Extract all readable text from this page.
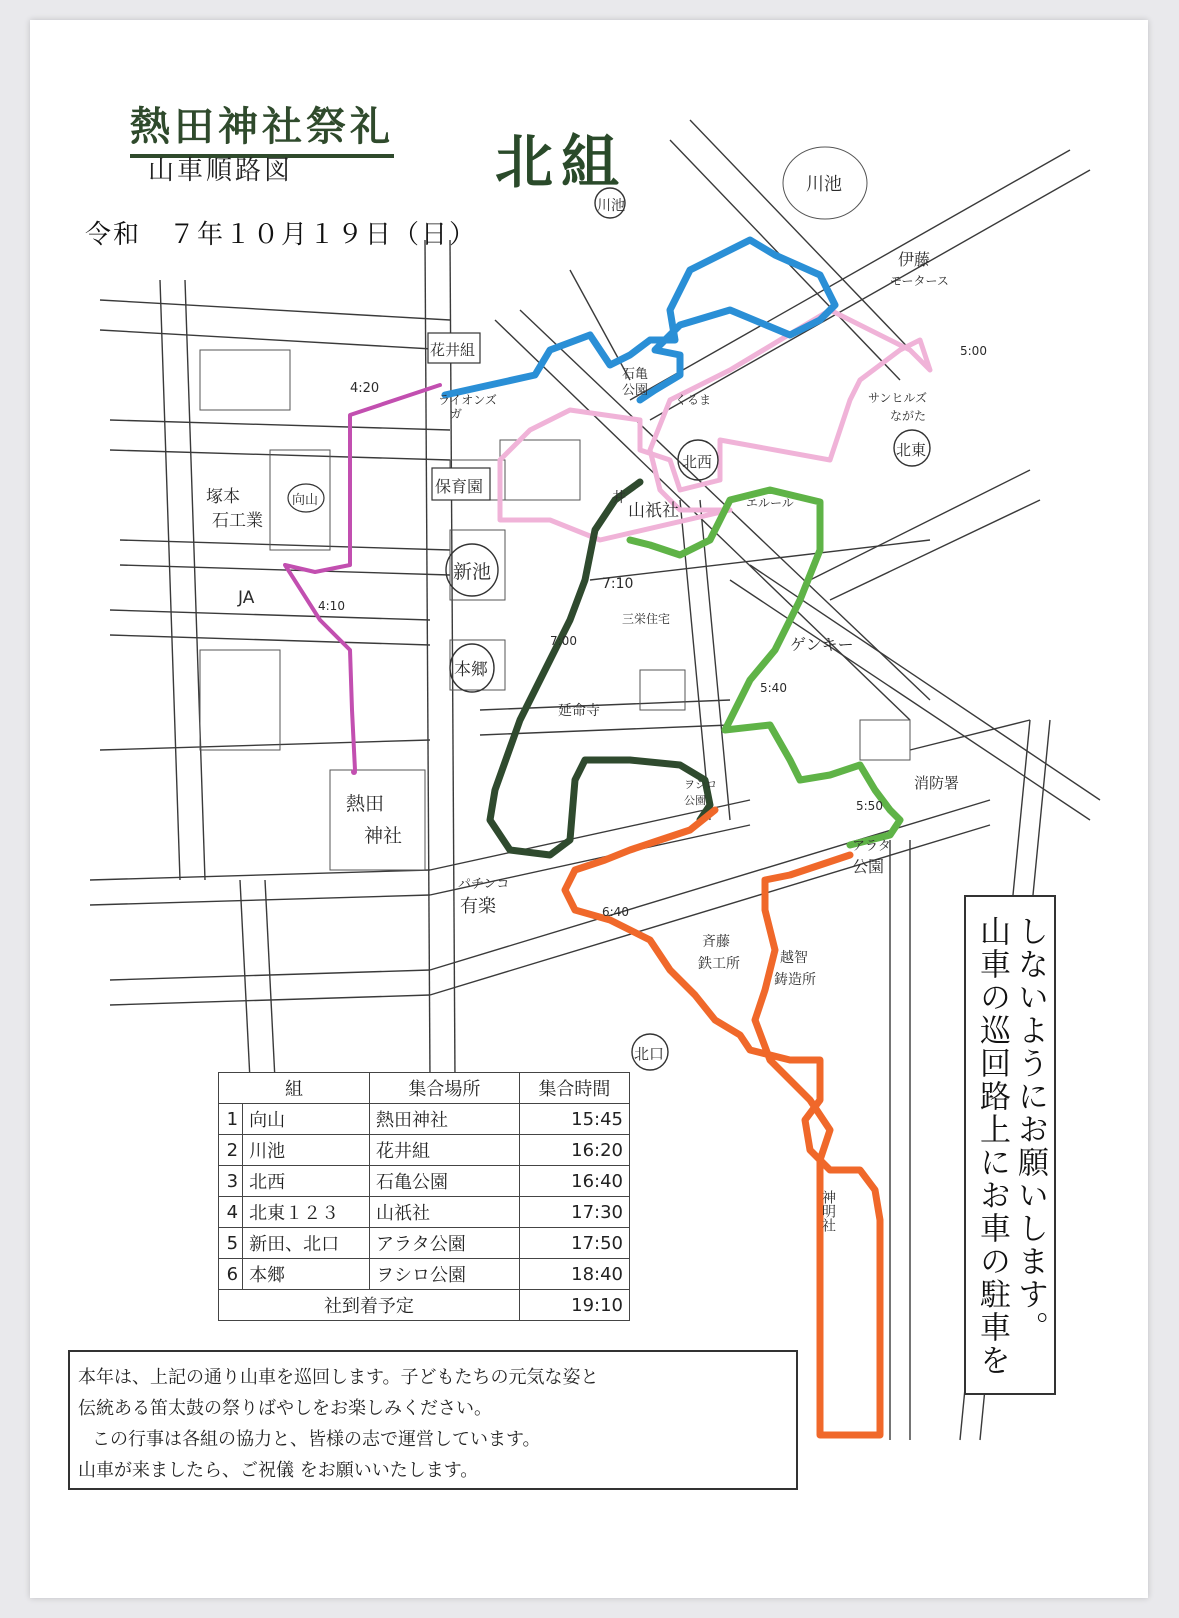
川池
川池
伊藤
モータース
5:00
花井組
4:20
ライオンズ
ガ
石亀
公園
くるま
北西
サンヒルズ
ながた
北東
保育園
井
山祇社	エルール
塚本
石工業
向山
新池
JA	4:10
7:10
三栄住宅
7:00	ゲンキー
本郷
5:40
延命寺
熱田
神社
ヲシロ
公園
消防署
5:50
アラタ
公園
パチンコ
有楽	6:40
斉藤
鉄工所	越智
鋳造所
北口
神明社
熱田神社祭礼
北組
山車順路図
令和　７年１０月１９日（日）
山車の巡回路上にお車の駐車を しないようにお願いします。
組		集合場所	集合時間
1	向山	熱田神社	15:45
2	川池	花井組	16:20
3	北西	石亀公園	16:40
4	北東１２３	山祇社	17:30
5	新田、北口	アラタ公園	17:50
6	本郷	ヲシロ公園	18:40
社到着予定			19:10
本年は、上記の通り山車を巡回します。子どもたちの元気な姿と
伝統ある笛太鼓の祭りばやしをお楽しみください。
この行事は各組の協力と、皆様の志で運営しています。
山車が来ましたら、ご祝儀 をお願いいたします。
